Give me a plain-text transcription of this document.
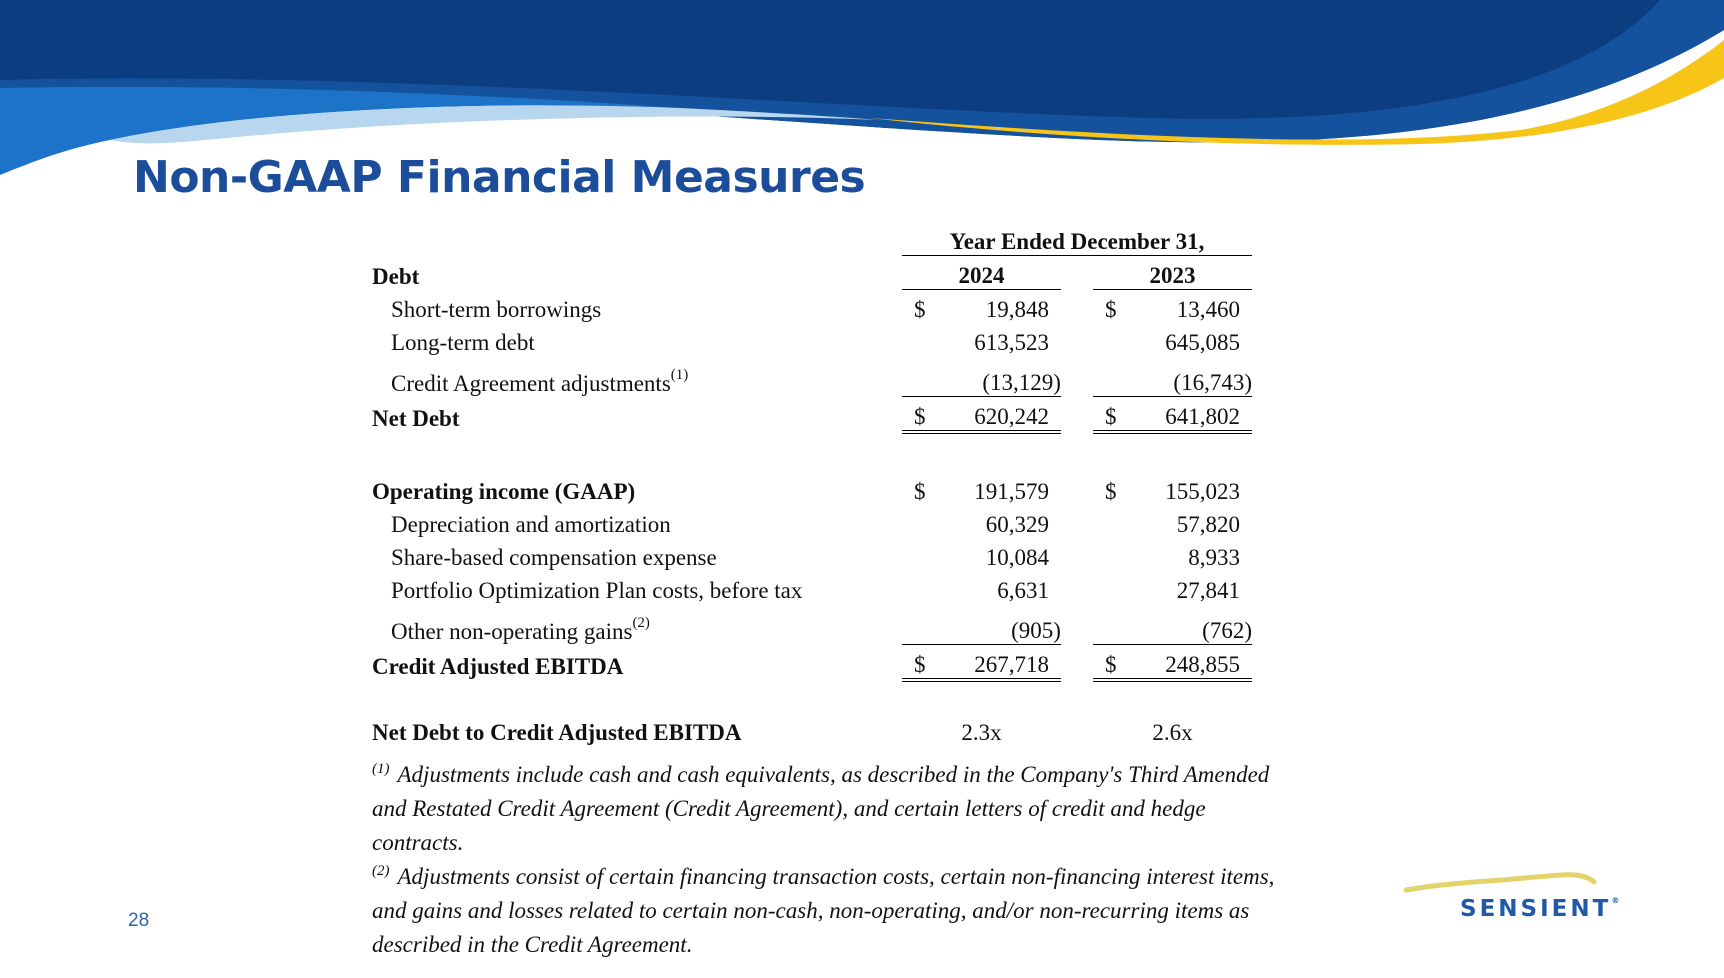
Non-GAAP Financial Measures
	Year Ended December 31,				
Debt	2024			2023	
Short-term borrowings	$	19,848		$	13,460
Long-term debt		613,523			645,085
Credit Agreement adjustments$^{(1)}$		(13,129)			(16,743)
Net Debt	$	620,242		$	641,802

Operating income (GAAP)	$	191,579		$	155,023
Depreciation and amortization		60,329			57,820
Share-based compensation expense		10,084			8,933
Portfolio Optimization Plan costs, before tax		6,631			27,841
Other non-operating gains$^{(2)}$		(905)			(762)
Credit Adjusted EBITDA	$	267,718		$	248,855

Net Debt to Credit Adjusted EBITDA	2.3x			2.6x	

$^{(1)}$ Adjustments include cash and cash equivalents, as described in the Company's Third Amended and Restated Credit Agreement (Credit Agreement), and certain letters of credit and hedge contracts.

$^{(2)}$ Adjustments consist of certain financing transaction costs, certain non-financing interest items, and gains and losses related to certain non-cash, non-operating, and/or non-recurring items as described in the Credit Agreement.

28	SENSIENT®
